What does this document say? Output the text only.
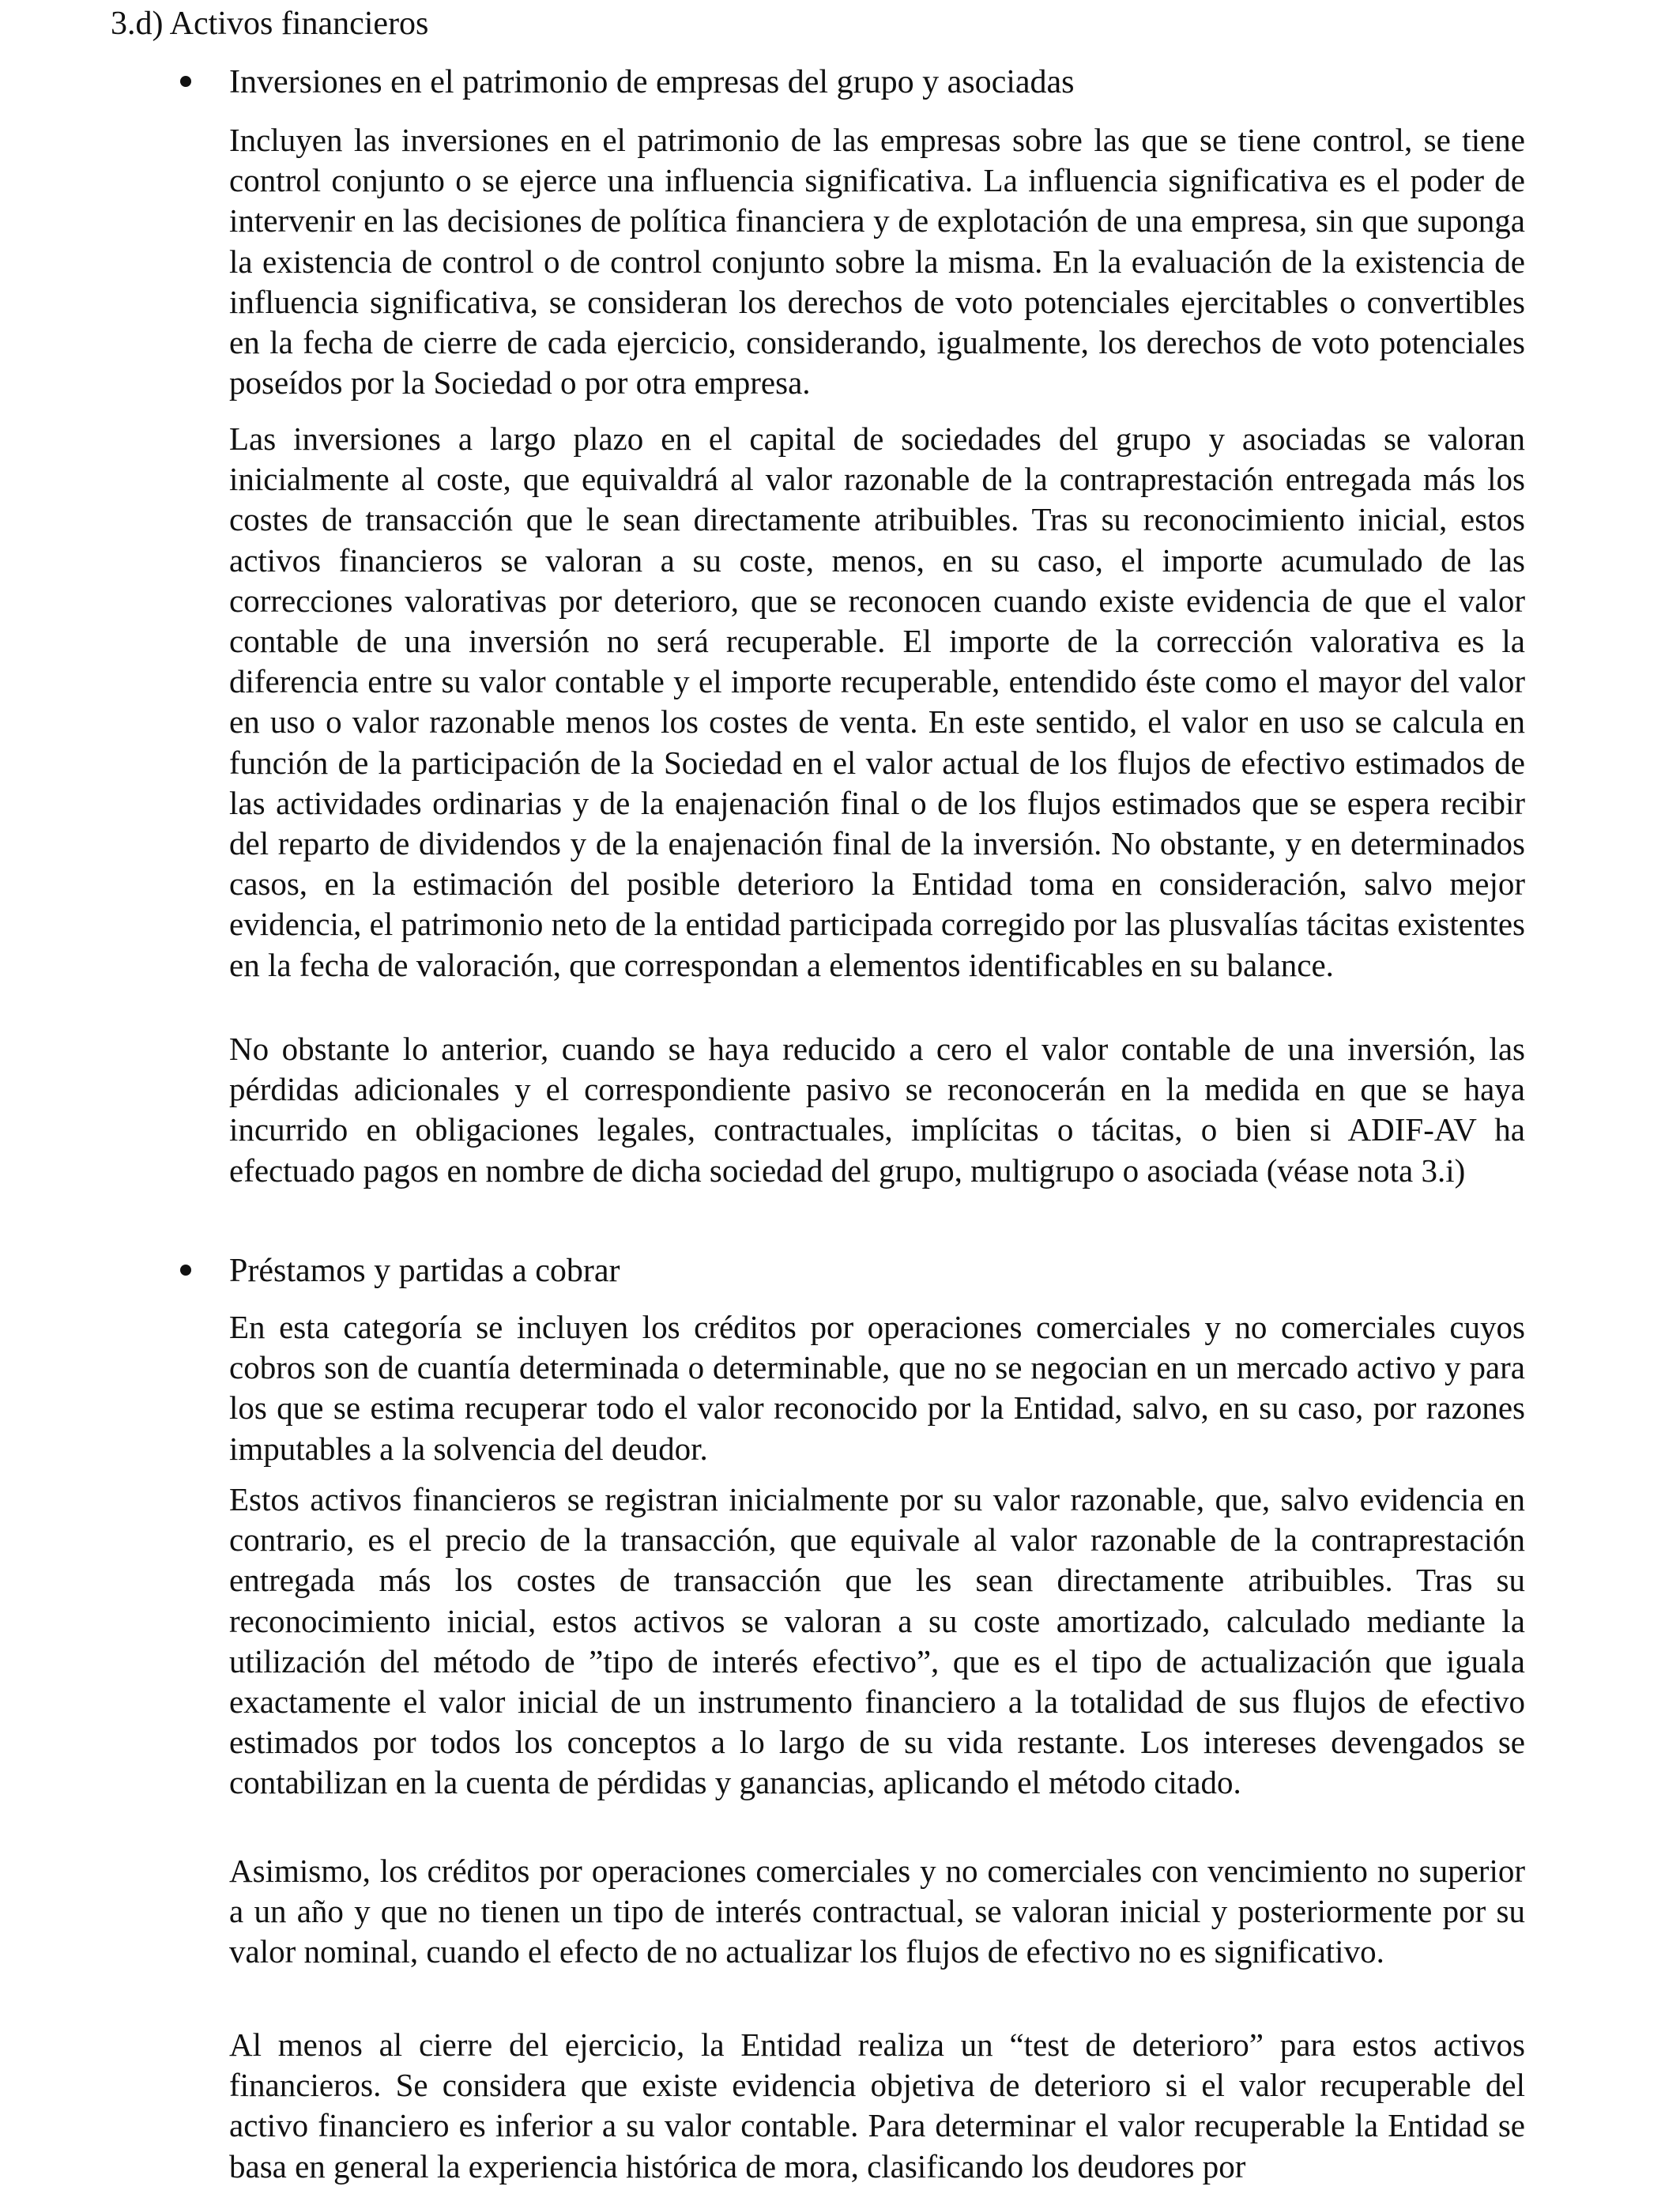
3.d) Activos financieros
Inversiones en el patrimonio de empresas del grupo y asociadas

Incluyen las inversiones en el patrimonio de las empresas sobre las que se tiene control, se tiene control conjunto o se ejerce una influencia significativa. La influencia significativa es el poder de intervenir en las decisiones de política financiera y de explotación de una empresa, sin que suponga la existencia de control o de control conjunto sobre la misma. En la evaluación de la existencia de influencia significativa, se consideran los derechos de voto potenciales ejercitables o convertibles en la fecha de cierre de cada ejercicio, considerando, igualmente, los derechos de voto potenciales poseídos por la Sociedad o por otra empresa.

Las inversiones a largo plazo en el capital de sociedades del grupo y asociadas se valoran inicialmente al coste, que equivaldrá al valor razonable de la contraprestación entregada más los costes de transacción que le sean directamente atribuibles. Tras su reconocimiento inicial, estos activos financieros se valoran a su coste, menos, en su caso, el importe acumulado de las correcciones valorativas por deterioro, que se reconocen cuando existe evidencia de que el valor contable de una inversión no será recuperable. El importe de la corrección valorativa es la diferencia entre su valor contable y el importe recuperable, entendido éste como el mayor del valor en uso o valor razonable menos los costes de venta. En este sentido, el valor en uso se calcula en función de la participación de la Sociedad en el valor actual de los flujos de efectivo estimados de las actividades ordinarias y de la enajenación final o de los flujos estimados que se espera recibir del reparto de dividendos y de la enajenación final de la inversión. No obstante, y en determinados casos, en la estimación del posible deterioro la Entidad toma en consideración, salvo mejor evidencia, el patrimonio neto de la entidad participada corregido por las plusvalías tácitas existentes en la fecha de valoración, que correspondan a elementos identificables en su balance.

No obstante lo anterior, cuando se haya reducido a cero el valor contable de una inversión, las pérdidas adicionales y el correspondiente pasivo se reconocerán en la medida en que se haya incurrido en obligaciones legales, contractuales, implícitas o tácitas, o bien si ADIF-AV ha efectuado pagos en nombre de dicha sociedad del grupo, multigrupo o asociada (véase nota 3.i)

Préstamos y partidas a cobrar

En esta categoría se incluyen los créditos por operaciones comerciales y no comerciales cuyos cobros son de cuantía determinada o determinable, que no se negocian en un mercado activo y para los que se estima recuperar todo el valor reconocido por la Entidad, salvo, en su caso, por razones imputables a la solvencia del deudor.

Estos activos financieros se registran inicialmente por su valor razonable, que, salvo evidencia en contrario, es el precio de la transacción, que equivale al valor razonable de la contraprestación entregada más los costes de transacción que les sean directamente atribuibles. Tras su reconocimiento inicial, estos activos se valoran a su coste amortizado, calculado mediante la utilización del método de ”tipo de interés efectivo”, que es el tipo de actualización que iguala exactamente el valor inicial de un instrumento financiero a la totalidad de sus flujos de efectivo estimados por todos los conceptos a lo largo de su vida restante. Los intereses devengados se contabilizan en la cuenta de pérdidas y ganancias, aplicando el método citado.

Asimismo, los créditos por operaciones comerciales y no comerciales con vencimiento no superior a un año y que no tienen un tipo de interés contractual, se valoran inicial y posteriormente por su valor nominal, cuando el efecto de no actualizar los flujos de efectivo no es significativo.

Al menos al cierre del ejercicio, la Entidad realiza un “test de deterioro” para estos activos financieros. Se considera que existe evidencia objetiva de deterioro si el valor recuperable del activo financiero es inferior a su valor contable. Para determinar el valor recuperable la Entidad se basa en general la experiencia histórica de mora, clasificando los deudores por
